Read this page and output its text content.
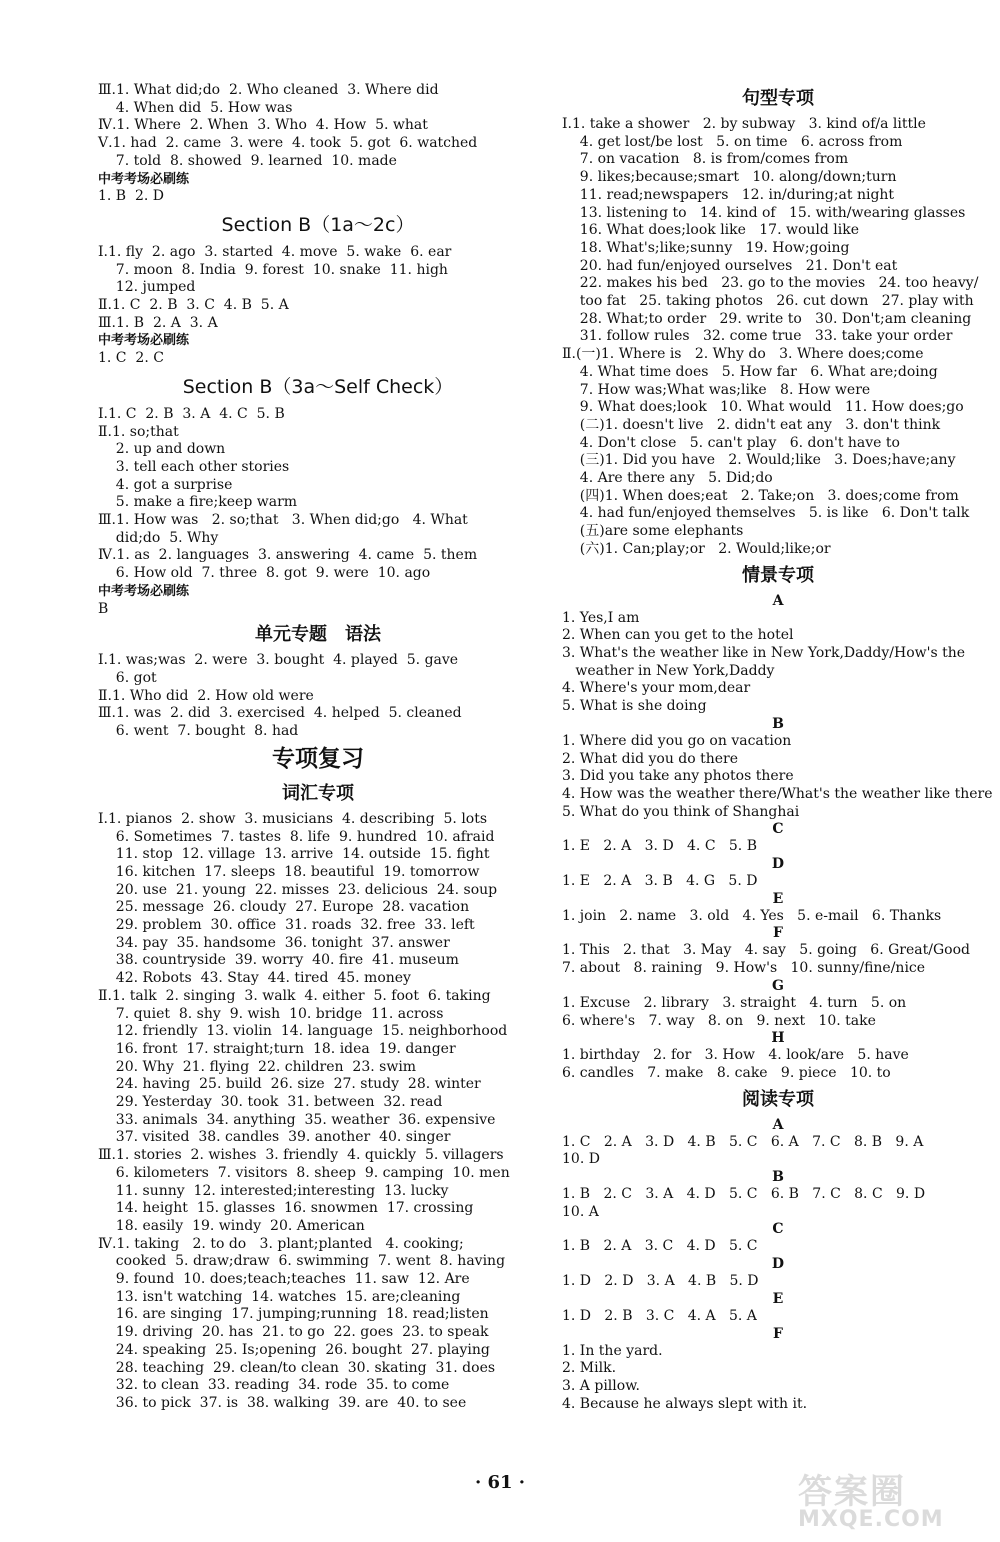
Ⅲ.1. What did;do  2. Who cleaned  3. Where did
4. When did  5. How was
Ⅳ.1. Where  2. When  3. Who  4. How  5. what
Ⅴ.1. had  2. came  3. were  4. took  5. got  6. watched
7. told  8. showed  9. learned  10. made
中考考场必刷练
1. B  2. D
Section B（1a～2c）
Ⅰ.1. fly  2. ago  3. started  4. move  5. wake  6. ear
7. moon  8. India  9. forest  10. snake  11. high
12. jumped
Ⅱ.1. C  2. B  3. C  4. B  5. A
Ⅲ.1. B  2. A  3. A
中考考场必刷练
1. C  2. C
Section B（3a～Self Check）
Ⅰ.1. C  2. B  3. A  4. C  5. B
Ⅱ.1. so;that
2. up and down
3. tell each other stories
4. got a surprise
5. make a fire;keep warm
Ⅲ.1. How was   2. so;that   3. When did;go   4. What
did;do  5. Why
Ⅳ.1. as  2. languages  3. answering  4. came  5. them
6. How old  7. three  8. got  9. were  10. ago
中考考场必刷练
B
单元专题　语法
Ⅰ.1. was;was  2. were  3. bought  4. played  5. gave
6. got
Ⅱ.1. Who did  2. How old were
Ⅲ.1. was  2. did  3. exercised  4. helped  5. cleaned
6. went  7. bought  8. had
专项复习
词汇专项
Ⅰ.1. pianos  2. show  3. musicians  4. describing  5. lots
6. Sometimes  7. tastes  8. life  9. hundred  10. afraid
11. stop  12. village  13. arrive  14. outside  15. fight
16. kitchen  17. sleeps  18. beautiful  19. tomorrow
20. use  21. young  22. misses  23. delicious  24. soup
25. message  26. cloudy  27. Europe  28. vacation
29. problem  30. office  31. roads  32. free  33. left
34. pay  35. handsome  36. tonight  37. answer
38. countryside  39. worry  40. fire  41. museum
42. Robots  43. Stay  44. tired  45. money
Ⅱ.1. talk  2. singing  3. walk  4. either  5. foot  6. taking
7. quiet  8. shy  9. wish  10. bridge  11. across
12. friendly  13. violin  14. language  15. neighborhood
16. front  17. straight;turn  18. idea  19. danger
20. Why  21. flying  22. children  23. swim
24. having  25. build  26. size  27. study  28. winter
29. Yesterday  30. took  31. between  32. read
33. animals  34. anything  35. weather  36. expensive
37. visited  38. candles  39. another  40. singer
Ⅲ.1. stories  2. wishes  3. friendly  4. quickly  5. villagers
6. kilometers  7. visitors  8. sheep  9. camping  10. men
11. sunny  12. interested;interesting  13. lucky
14. height  15. glasses  16. snowmen  17. crossing
18. easily  19. windy  20. American
Ⅳ.1. taking   2. to do   3. plant;planted   4. cooking;
cooked  5. draw;draw  6. swimming  7. went  8. having
9. found  10. does;teach;teaches  11. saw  12. Are
13. isn't watching  14. watches  15. are;cleaning
16. are singing  17. jumping;running  18. read;listen
19. driving  20. has  21. to go  22. goes  23. to speak
24. speaking  25. Is;opening  26. bought  27. playing
28. teaching  29. clean/to clean  30. skating  31. does
32. to clean  33. reading  34. rode  35. to come
36. to pick  37. is  38. walking  39. are  40. to see
句型专项
Ⅰ.1. take a shower   2. by subway   3. kind of/a little
4. get lost/be lost   5. on time   6. across from
7. on vacation   8. is from/comes from
9. likes;because;smart   10. along/down;turn
11. read;newspapers   12. in/during;at night
13. listening to   14. kind of   15. with/wearing glasses
16. What does;look like   17. would like
18. What's;like;sunny   19. How;going
20. had fun/enjoyed ourselves   21. Don't eat
22. makes his bed   23. go to the movies   24. too heavy/
too fat   25. taking photos   26. cut down   27. play with
28. What;to order   29. write to   30. Don't;am cleaning
31. follow rules   32. come true   33. take your order
Ⅱ.(一)1. Where is   2. Why do   3. Where does;come
4. What time does   5. How far   6. What are;doing
7. How was;What was;like   8. How were
9. What does;look   10. What would   11. How does;go
(二)1. doesn't live   2. didn't eat any   3. don't think
4. Don't close   5. can't play   6. don't have to
(三)1. Did you have   2. Would;like   3. Does;have;any
4. Are there any   5. Did;do
(四)1. When does;eat   2. Take;on   3. does;come from
4. had fun/enjoyed themselves   5. is like   6. Don't talk
(五)are some elephants
(六)1. Can;play;or   2. Would;like;or
情景专项
A
1. Yes,I am
2. When can you get to the hotel
3. What's the weather like in New York,Daddy/How's the
weather in New York,Daddy
4. Where's your mom,dear
5. What is she doing
B
1. Where did you go on vacation
2. What did you do there
3. Did you take any photos there
4. How was the weather there/What's the weather like there
5. What do you think of Shanghai
C
1. E   2. A   3. D   4. C   5. B
D
1. E   2. A   3. B   4. G   5. D
E
1. join   2. name   3. old   4. Yes   5. e-mail   6. Thanks
F
1. This   2. that   3. May   4. say   5. going   6. Great/Good
7. about   8. raining   9. How's   10. sunny/fine/nice
G
1. Excuse   2. library   3. straight   4. turn   5. on
6. where's   7. way   8. on   9. next   10. take
H
1. birthday   2. for   3. How   4. look/are   5. have
6. candles   7. make   8. cake   9. piece   10. to
阅读专项
A
1. C   2. A   3. D   4. B   5. C   6. A   7. C   8. B   9. A
10. D
B
1. B   2. C   3. A   4. D   5. C   6. B   7. C   8. C   9. D
10. A
C
1. B   2. A   3. C   4. D   5. C
D
1. D   2. D   3. A   4. B   5. D
E
1. D   2. B   3. C   4. A   5. A
F
1. In the yard.
2. Milk.
3. A pillow.
4. Because he always slept with it.
· 61 ·	答案圈
MXQE.COM
